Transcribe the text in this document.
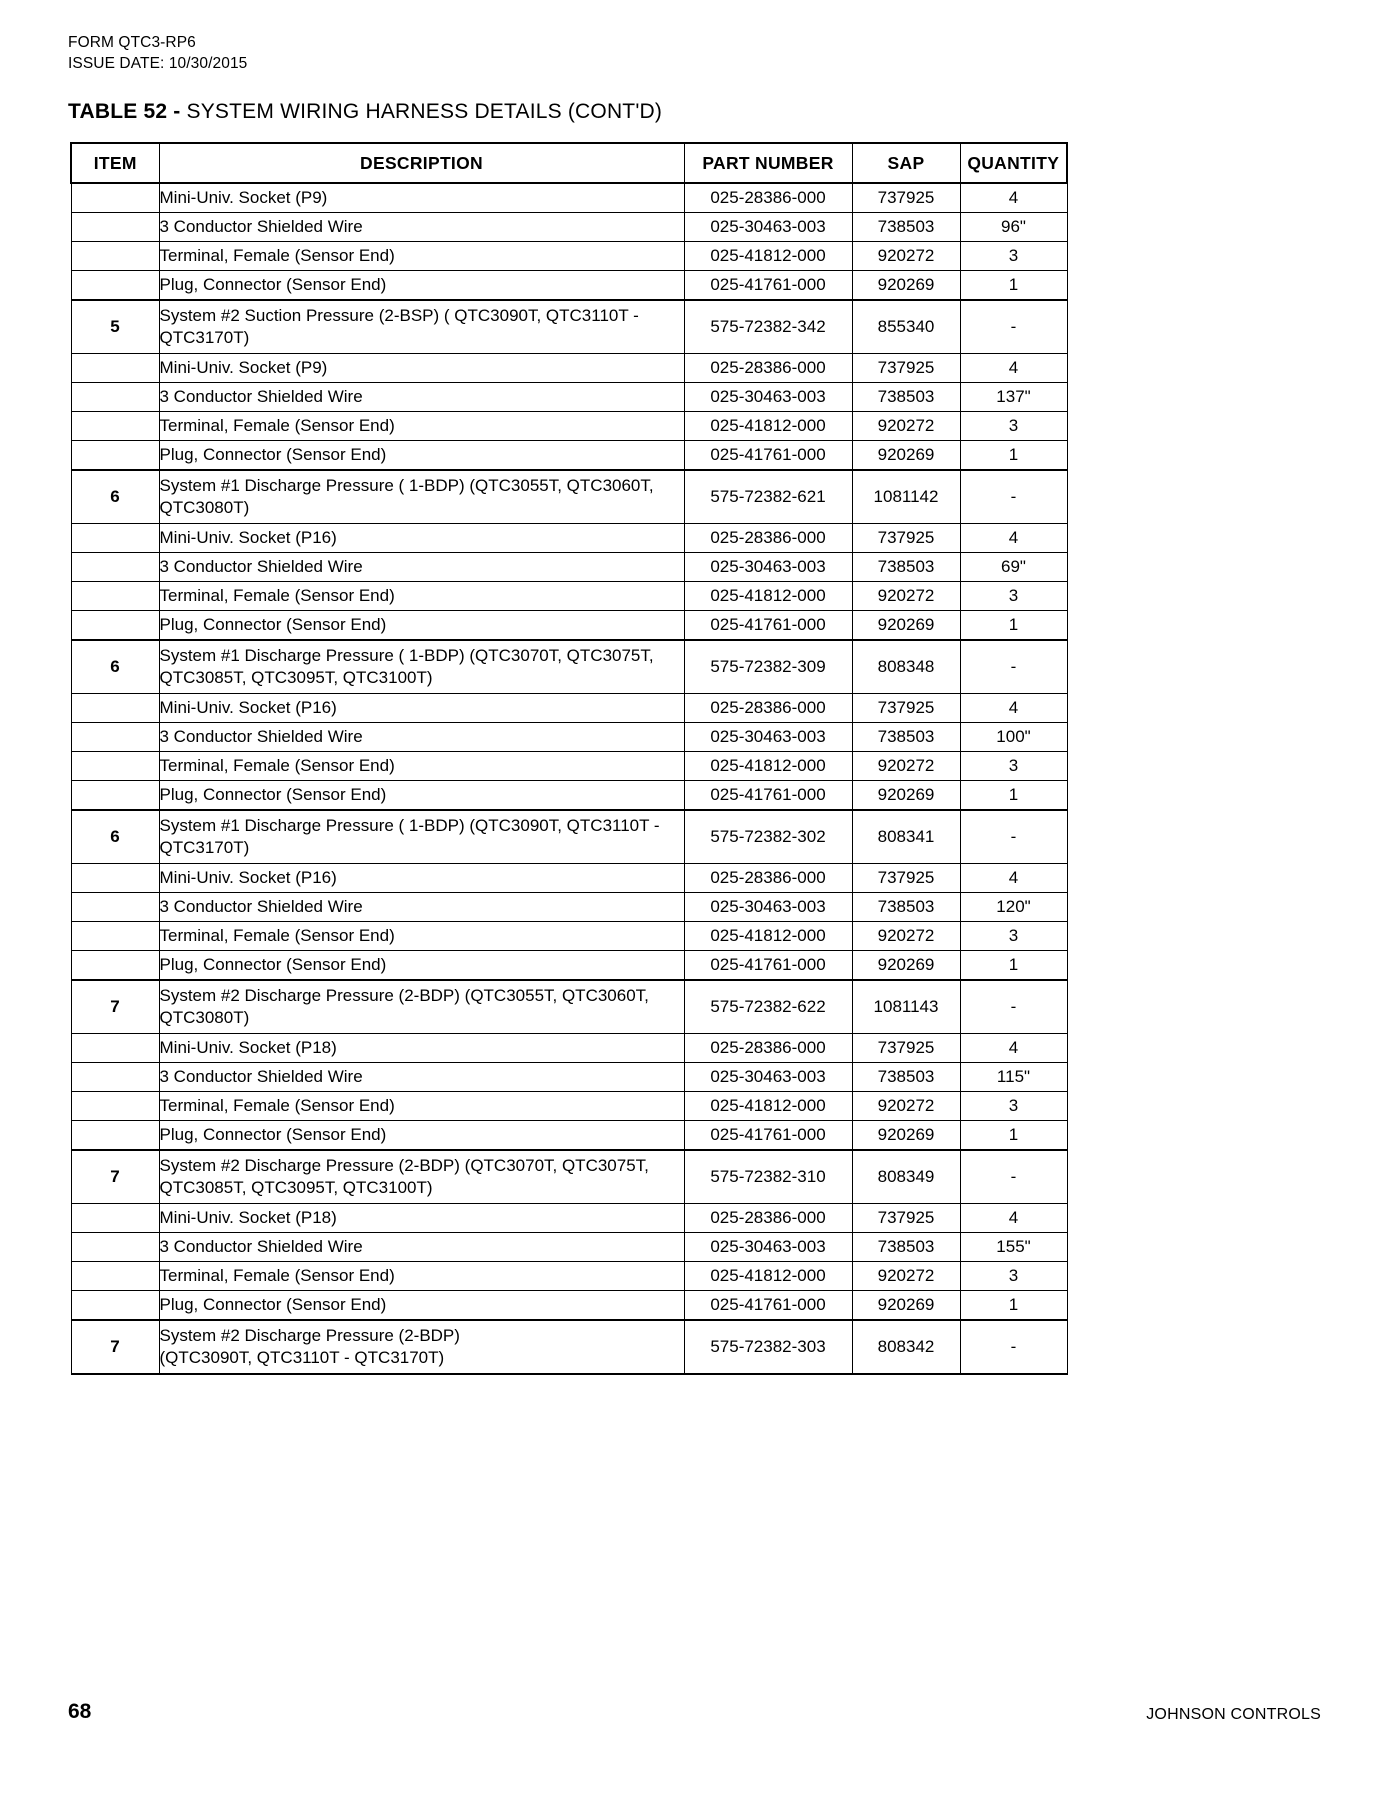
FORM QTC3-RP6
ISSUE DATE: 10/30/2015
TABLE 52 - SYSTEM WIRING HARNESS DETAILS (CONT'D)
ITEM	DESCRIPTION	PART NUMBER	SAP	QUANTITY
	Mini-Univ. Socket (P9)	025-28386-000	737925	4
	3 Conductor Shielded Wire	025-30463-003	738503	96"
	Terminal, Female (Sensor End)	025-41812-000	920272	3
	Plug, Connector (Sensor End)	025-41761-000	920269	1
5	System #2 Suction Pressure (2-BSP) ( QTC3090T, QTC3110T - QTC3170T)	575-72382-342	855340	-
	Mini-Univ. Socket (P9)	025-28386-000	737925	4
	3 Conductor Shielded Wire	025-30463-003	738503	137"
	Terminal, Female (Sensor End)	025-41812-000	920272	3
	Plug, Connector (Sensor End)	025-41761-000	920269	1
6	System #1 Discharge Pressure ( 1-BDP) (QTC3055T, QTC3060T, QTC3080T)	575-72382-621	1081142	-
	Mini-Univ. Socket (P16)	025-28386-000	737925	4
	3 Conductor Shielded Wire	025-30463-003	738503	69"
	Terminal, Female (Sensor End)	025-41812-000	920272	3
	Plug, Connector (Sensor End)	025-41761-000	920269	1
6	System #1 Discharge Pressure ( 1-BDP) (QTC3070T, QTC3075T, QTC3085T, QTC3095T, QTC3100T)	575-72382-309	808348	-
	Mini-Univ. Socket (P16)	025-28386-000	737925	4
	3 Conductor Shielded Wire	025-30463-003	738503	100"
	Terminal, Female (Sensor End)	025-41812-000	920272	3
	Plug, Connector (Sensor End)	025-41761-000	920269	1
6	System #1 Discharge Pressure ( 1-BDP) (QTC3090T, QTC3110T - QTC3170T)	575-72382-302	808341	-
	Mini-Univ. Socket (P16)	025-28386-000	737925	4
	3 Conductor Shielded Wire	025-30463-003	738503	120"
	Terminal, Female (Sensor End)	025-41812-000	920272	3
	Plug, Connector (Sensor End)	025-41761-000	920269	1
7	System #2 Discharge Pressure (2-BDP) (QTC3055T, QTC3060T, QTC3080T)	575-72382-622	1081143	-
	Mini-Univ. Socket (P18)	025-28386-000	737925	4
	3 Conductor Shielded Wire	025-30463-003	738503	115"
	Terminal, Female (Sensor End)	025-41812-000	920272	3
	Plug, Connector (Sensor End)	025-41761-000	920269	1
7	System #2 Discharge Pressure (2-BDP) (QTC3070T, QTC3075T, QTC3085T, QTC3095T, QTC3100T)	575-72382-310	808349	-
	Mini-Univ. Socket (P18)	025-28386-000	737925	4
	3 Conductor Shielded Wire	025-30463-003	738503	155"
	Terminal, Female (Sensor End)	025-41812-000	920272	3
	Plug, Connector (Sensor End)	025-41761-000	920269	1
7	System #2 Discharge Pressure (2-BDP)
(QTC3090T, QTC3110T - QTC3170T)	575-72382-303	808342	-
68	JOHNSON CONTROLS
